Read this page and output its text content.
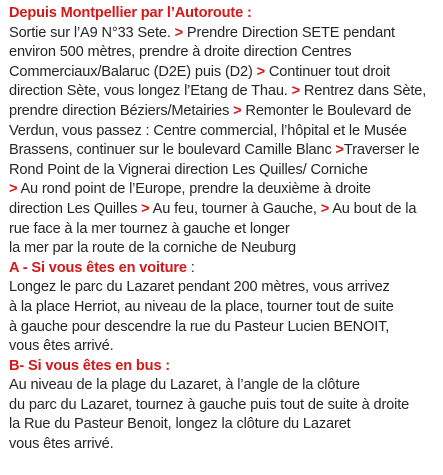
Depuis Montpellier par l’Autoroute :
Sortie sur l’A9 N°33 Sete. > Prendre Direction SETE pendant
environ 500 mètres, prendre à droite direction Centres
Commerciaux/Balaruc (D2E) puis (D2) > Continuer tout droit
direction Sète, vous longez l’Etang de Thau. > Rentrez dans Sète,
prendre direction Béziers/Metairies > Remonter le Boulevard de
Verdun, vous passez : Centre commercial, l’hôpital et le Musée
Brassens, continuer sur le boulevard Camille Blanc >Traverser le
Rond Point de la Vignerai direction Les Quilles/ Corniche
> Au rond point de l’Europe, prendre la deuxième à droite
direction Les Quilles > Au feu, tourner à Gauche, > Au bout de la
rue face à la mer tournez à gauche et longer
la mer par la route de la corniche de Neuburg
A - Si vous êtes en voiture :
Longez le parc du Lazaret pendant 200 mètres, vous arrivez
à la place Herriot, au niveau de la place, tourner tout de suite
à gauche pour descendre la rue du Pasteur Lucien BENOIT,
vous êtes arrivé.
B- Si vous êtes en bus :
Au niveau de la plage du Lazaret, à l’angle de la clôture
du parc du Lazaret, tournez à gauche puis tout de suite à droite
la Rue du Pasteur Benoit, longez la clôture du Lazaret
vous êtes arrivé.
